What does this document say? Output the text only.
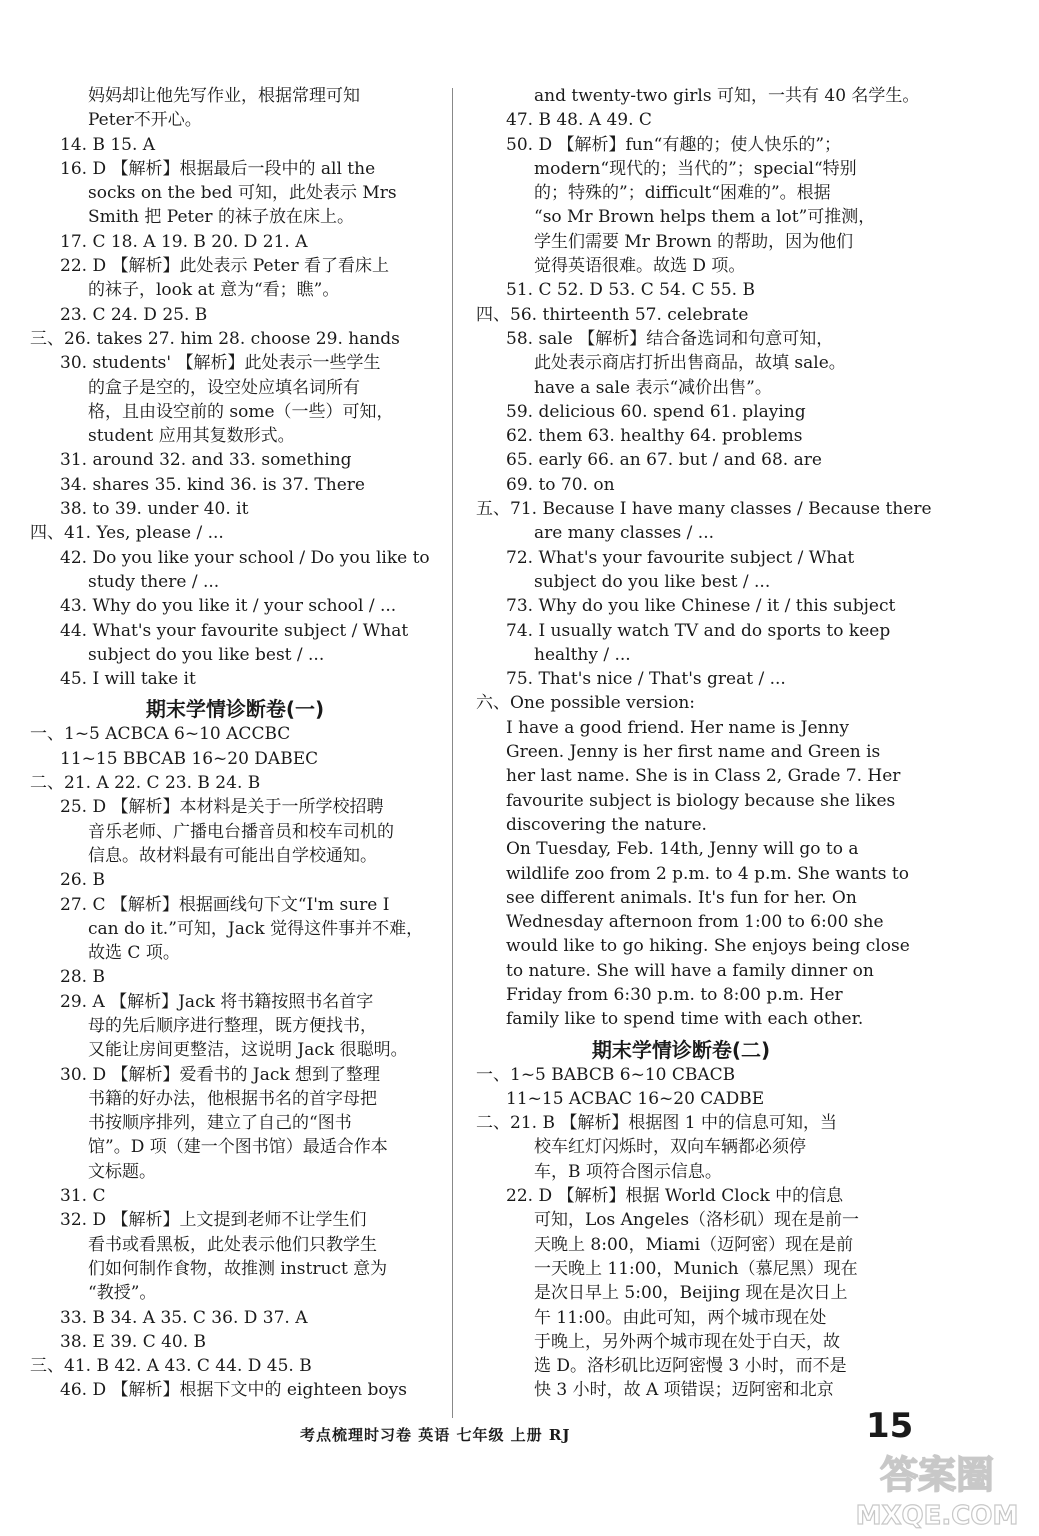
妈妈却让他先写作业，根据常理可知
Peter不开心。
14. B 15. A
16. D 【解析】根据最后一段中的 all the
socks on the bed 可知，此处表示 Mrs
Smith 把 Peter 的袜子放在床上。
17. C 18. A 19. B 20. D 21. A
22. D 【解析】此处表示 Peter 看了看床上
的袜子，look at 意为“看；瞧”。
23. C 24. D 25. B
三、26. takes 27. him 28. choose 29. hands
30. students' 【解析】此处表示一些学生
的盒子是空的，设空处应填名词所有
格，且由设空前的 some（一些）可知，
student 应用其复数形式。
31. around 32. and 33. something
34. shares 35. kind 36. is 37. There
38. to 39. under 40. it
四、41. Yes, please / ...
42. Do you like your school / Do you like to
study there / ...
43. Why do you like it / your school / ...
44. What's your favourite subject / What
subject do you like best / ...
45. I will take it
期末学情诊断卷(一)
一、1~5 ACBCA 6~10 ACCBC
11~15 BBCAB 16~20 DABEC
二、21. A 22. C 23. B 24. B
25. D 【解析】本材料是关于一所学校招聘
音乐老师、广播电台播音员和校车司机的
信息。故材料最有可能出自学校通知。
26. B
27. C 【解析】根据画线句下文“I'm sure I
can do it.”可知，Jack 觉得这件事并不难，
故选 C 项。
28. B
29. A 【解析】Jack 将书籍按照书名首字
母的先后顺序进行整理，既方便找书，
又能让房间更整洁，这说明 Jack 很聪明。
30. D 【解析】爱看书的 Jack 想到了整理
书籍的好办法，他根据书名的首字母把
书按顺序排列，建立了自己的“图书
馆”。D 项（建一个图书馆）最适合作本
文标题。
31. C
32. D 【解析】上文提到老师不让学生们
看书或看黑板，此处表示他们只教学生
们如何制作食物，故推测 instruct 意为
“教授”。
33. B 34. A 35. C 36. D 37. A
38. E 39. C 40. B
三、41. B 42. A 43. C 44. D 45. B
46. D 【解析】根据下文中的 eighteen boys
and twenty-two girls 可知，一共有 40 名学生。
47. B 48. A 49. C
50. D 【解析】fun“有趣的；使人快乐的”；
modern“现代的；当代的”；special“特别
的；特殊的”；difficult“困难的”。根据
“so Mr Brown helps them a lot”可推测，
学生们需要 Mr Brown 的帮助，因为他们
觉得英语很难。故选 D 项。
51. C 52. D 53. C 54. C 55. B
四、56. thirteenth 57. celebrate
58. sale 【解析】结合备选词和句意可知，
此处表示商店打折出售商品，故填 sale。
have a sale 表示“减价出售”。
59. delicious 60. spend 61. playing
62. them 63. healthy 64. problems
65. early 66. an 67. but / and 68. are
69. to 70. on
五、71. Because I have many classes / Because there
are many classes / ...
72. What's your favourite subject / What
subject do you like best / ...
73. Why do you like Chinese / it / this subject
74. I usually watch TV and do sports to keep
healthy / ...
75. That's nice / That's great / ...
六、One possible version:
I have a good friend. Her name is Jenny
Green. Jenny is her first name and Green is
her last name. She is in Class 2, Grade 7. Her
favourite subject is biology because she likes
discovering the nature.
On Tuesday, Feb. 14th, Jenny will go to a
wildlife zoo from 2 p.m. to 4 p.m. She wants to
see different animals. It's fun for her. On
Wednesday afternoon from 1:00 to 6:00 she
would like to go hiking. She enjoys being close
to nature. She will have a family dinner on
Friday from 6:30 p.m. to 8:00 p.m. Her
family like to spend time with each other.
期末学情诊断卷(二)
一、1~5 BABCB 6~10 CBACB
11~15 ACBAC 16~20 CADBE
二、21. B 【解析】根据图 1 中的信息可知，当
校车红灯闪烁时，双向车辆都必须停
车，B 项符合图示信息。
22. D 【解析】根据 World Clock 中的信息
可知，Los Angeles（洛杉矶）现在是前一
天晚上 8:00，Miami（迈阿密）现在是前
一天晚上 11:00，Munich（慕尼黑）现在
是次日早上 5:00，Beijing 现在是次日上
午 11:00。由此可知，两个城市现在处
于晚上，另外两个城市现在处于白天，故
选 D。洛杉矶比迈阿密慢 3 小时，而不是
快 3 小时，故 A 项错误；迈阿密和北京
考点梳理时习卷 英语 七年级 上册 RJ	15
答案圈
MXQE.COM
